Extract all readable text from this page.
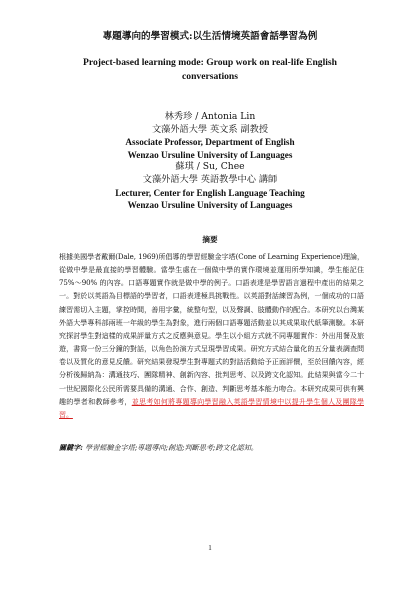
專題導向的學習模式:以生活情境英語會話學習為例
Project-based learning mode: Group work on real-life English
conversations
林秀珍 / Antonia Lin
文藻外語大學 英文系 副教授
Associate Professor, Department of English
Wenzao Ursuline University of Languages
蘇琪 / Su, Chee
文藻外語大學 英語教學中心 講師
Lecturer, Center for English Language Teaching
Wenzao Ursuline University of Languages
摘要
根據美國學者戴爾(Dale, 1969)所倡導的學習經驗金字塔(Cone of Learning Experience)理論，從做中學是最直接的學習體驗。當學生處在一個做中學的實作環境並運用所學知識，學生能記住 75%～90% 的內容。口語專題實作就是做中學的例子。口語表達是學習語言過程中產出的結果之一。對於以英語為目標語的學習者，口語表達極具挑戰性。以英語對話練習為例，一個成功的口語練習需切入主題，掌控時間，善用字彙，統整句型，以及聲調、肢體動作的配合。本研究以台灣某外語大學專科部兩班一年級的學生為對象，進行兩個口語專題活動並以其成果取代紙筆測驗。本研究探討學生對這樣的成果評量方式之反應與意見。學生以小組方式就不同專題實作：外出用餐及旅遊，書寫一份三分鐘的對話，以角色扮演方式呈現學習成果。研究方式結合量化的五分量表調查問卷以及質化的意見反饋。研究結果發現學生對專題式的對話活動給予正面評價，至於回饋內容，經分析後歸納為：溝通技巧、團隊精神、創新內容、批判思考、以及跨文化認知。此結果與當今二十一世紀國際化公民所需要具備的溝通、合作、創造、判斷思考基本能力吻合。本研究成果可供有興趣的學者和教師參考，並思考如何將專題導向學習融入英語學習情境中以提升學生個人及團隊學習。
關鍵字: 學習經驗金字塔;專題導向;創造;判斷思考;跨文化認知。
1
